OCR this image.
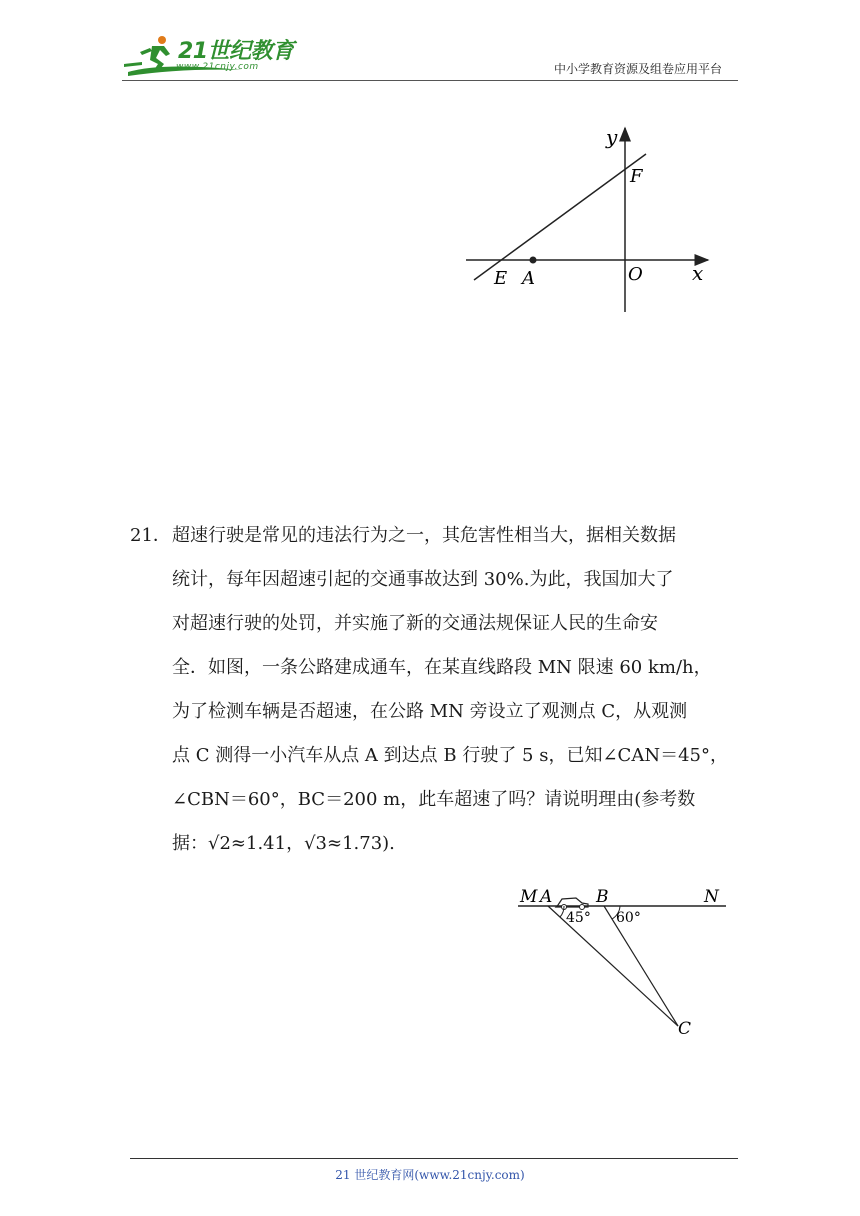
21世纪教育
www.21cnjy.com	中小学教育资源及组卷应用平台
y
F
E A	O x
21． 超速行驶是常见的违法行为之一，其危害性相当大，据相关数据
统计，每年因超速引起的交通事故达到 30%.为此，我国加大了
对超速行驶的处罚，并实施了新的交通法规保证人民的生命安
全．如图，一条公路建成通车，在某直线路段 MN 限速 60 km/h，
为了检测车辆是否超速，在公路 MN 旁设立了观测点 C，从观测
点 C 测得一小汽车从点 A 到达点 B 行驶了 5 s，已知∠CAN＝45°，
∠CBN＝60°，BC＝200 m，此车超速了吗？请说明理由(参考数
据：√2≈1.41，√3≈1.73).
M A	B	N
45° 60°
C
21 世纪教育网(www.21cnjy.com)
